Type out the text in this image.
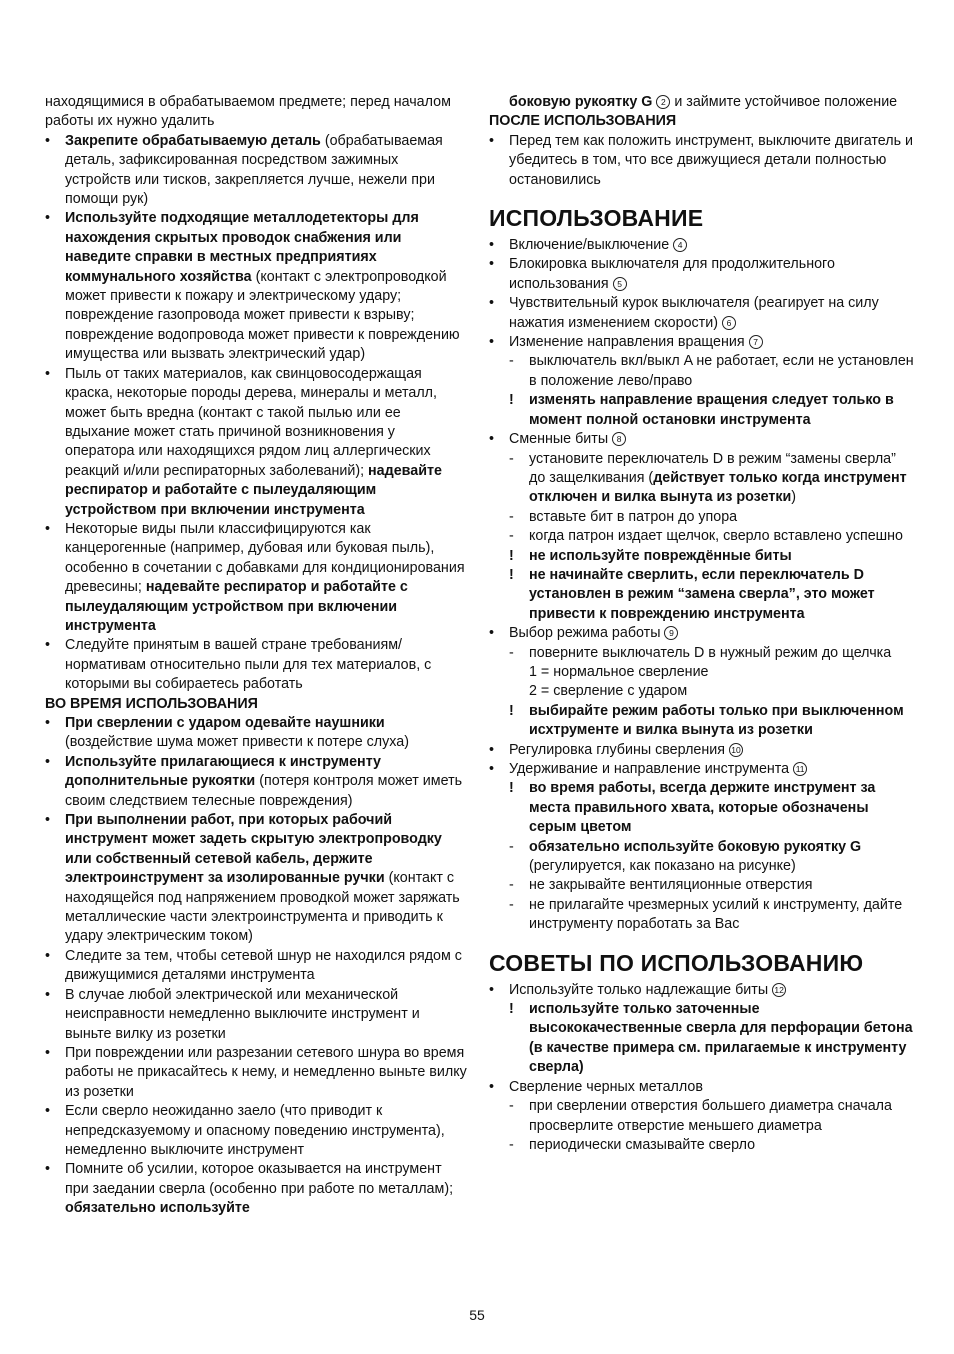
находящимися в обрабатываемом предмете; перед началом работы их нужно удалить

•	Закрепите обрабатываемую деталь (обрабатываемая деталь, зафиксированная посредством зажимных устройств или тисков, закрепляется лучше, нежели при помощи рук)

•	Используйте подходящие металлодетекторы для нахождения скрытых проводок снабжения или наведите справки в местных предприятиях коммунального хозяйства (контакт с электропроводкой может привести к пожару и электрическому удару; повреждение газопровода может привести к взрыву; повреждение водопровода может привести к повреждению имущества или вызвать электрический удар)

•	Пыль от таких материалов, как свинцовосодержащая краска, некоторые породы дерева, минералы и металл, может быть вредна (контакт с такой пылью или ее вдыхание может стать причиной возникновения у оператора или находящихся рядом лиц аллергических реакций и/или респираторных заболеваний); надевайте респиратор и работайте с пылеудаляющим устройством при включении инструмента

•	Некоторые виды пыли классифицируются как канцерогенные (например, дубовая или буковая пыль), особенно в сочетании с добавками для кондиционирования древесины; надевайте респиратор и работайте с пылеудаляющим устройством при включении инструмента

•	Следуйте принятым в вашей стране требованиям/нормативам относительно пыли для тех материалов, с которыми вы собираетесь работать

ВО ВРЕМЯ ИСПОЛЬЗОВАНИЯ

•	При сверлении с ударом одевайте наушники (воздействие шума может привести к потере слуха)

•	Используйте прилагающиеся к инструменту дополнительные рукоятки (потеря контроля может иметь своим следствием телесные повреждения)

•	При выполнении работ, при которых рабочий инструмент может задеть скрытую электропроводку или собственный сетевой кабель, держите электроинструмент за изолированные ручки (контакт с находящейся под напряжением проводкой может заряжать металлические части электроинструмента и приводить к удару электрическим током)

•	Следите за тем, чтобы сетевой шнур не находился рядом с движущимися деталями инструмента

•	В случае любой электрической или механической неисправности немедленно выключите инструмент и выньте вилку из розетки

•	При повреждении или разрезании сетевого шнура во время работы не прикасайтесь к нему, и немедленно выньте вилку из розетки

•	Если сверло неожиданно заело (что приводит к непредсказуемому и опасному поведению инструмента), немедленно выключите инструмент

•	Помните об усилии, которое оказывается на инструмент при заедании сверла (особенно при работе по металлам); обязательно используйте

боковую рукоятку G 2 и займите устойчивое положение

ПОСЛЕ ИСПОЛЬЗОВАНИЯ

•	Перед тем как положить инструмент, выключите двигатель и убедитесь в том, что все движущиеся детали полностью остановились

ИСПОЛЬЗОВАНИЕ

•	Включение/выключение 4

•	Блокировка выключателя для продолжительного использования 5

•	Чувствительный курок выключателя (реагирует на силу нажатия изменением скорости) 6

•	Изменение направления вращения 7

-	выключатель вкл/выкл A не работает, если не установлен в положение лево/право

!	изменять направление вращения следует только в момент полной остановки инструмента

•	Сменные биты 8

-	установите переключатель D в режим “замены сверла” до защелкивания (действует только когда инструмент отключен и вилка вынута из розетки)

-	вставьте бит в патрон до упора

-	когда патрон издает щелчок, сверло вставлено успешно

!	не используйте повреждённые биты

!	не начинайте сверлить, если переключатель D установлен в режим “замена сверла”, это может привести к повреждению инструмента

•	Выбор режима работы 9

-	поверните выключатель D в нужный режим до щелчка

1 = нормальное сверление

2 = сверление с ударом

!	выбирайте режим работы только при выключенном исхтрументе и вилка вынута из розетки

•	Регулировка глубины сверления 10

•	Удерживание и направление инструмента 11

!	во время работы, всегда держите инструмент за места правильного хвата, которые обозначены серым цветом

-	обязательно используйте боковую рукоятку G (регулируется, как показано на рисунке)

-	не закрывайте вентиляционные отверстия

-	не прилагайте чрезмерных усилий к инструменту, дайте инструменту поработать за Вас

СОВЕТЫ ПО ИСПОЛЬЗОВАНИЮ

•	Используйте только надлежащие биты 12

!	используйте только заточенные высококачественные сверла для перфорации бетона (в качестве примера см. прилагаемые к инструменту сверла)

•	Сверление черных металлов

-	при сверлении отверстия большего диаметра сначала просверлите отверстие меньшего диаметра

-	периодически смазывайте сверло

55
